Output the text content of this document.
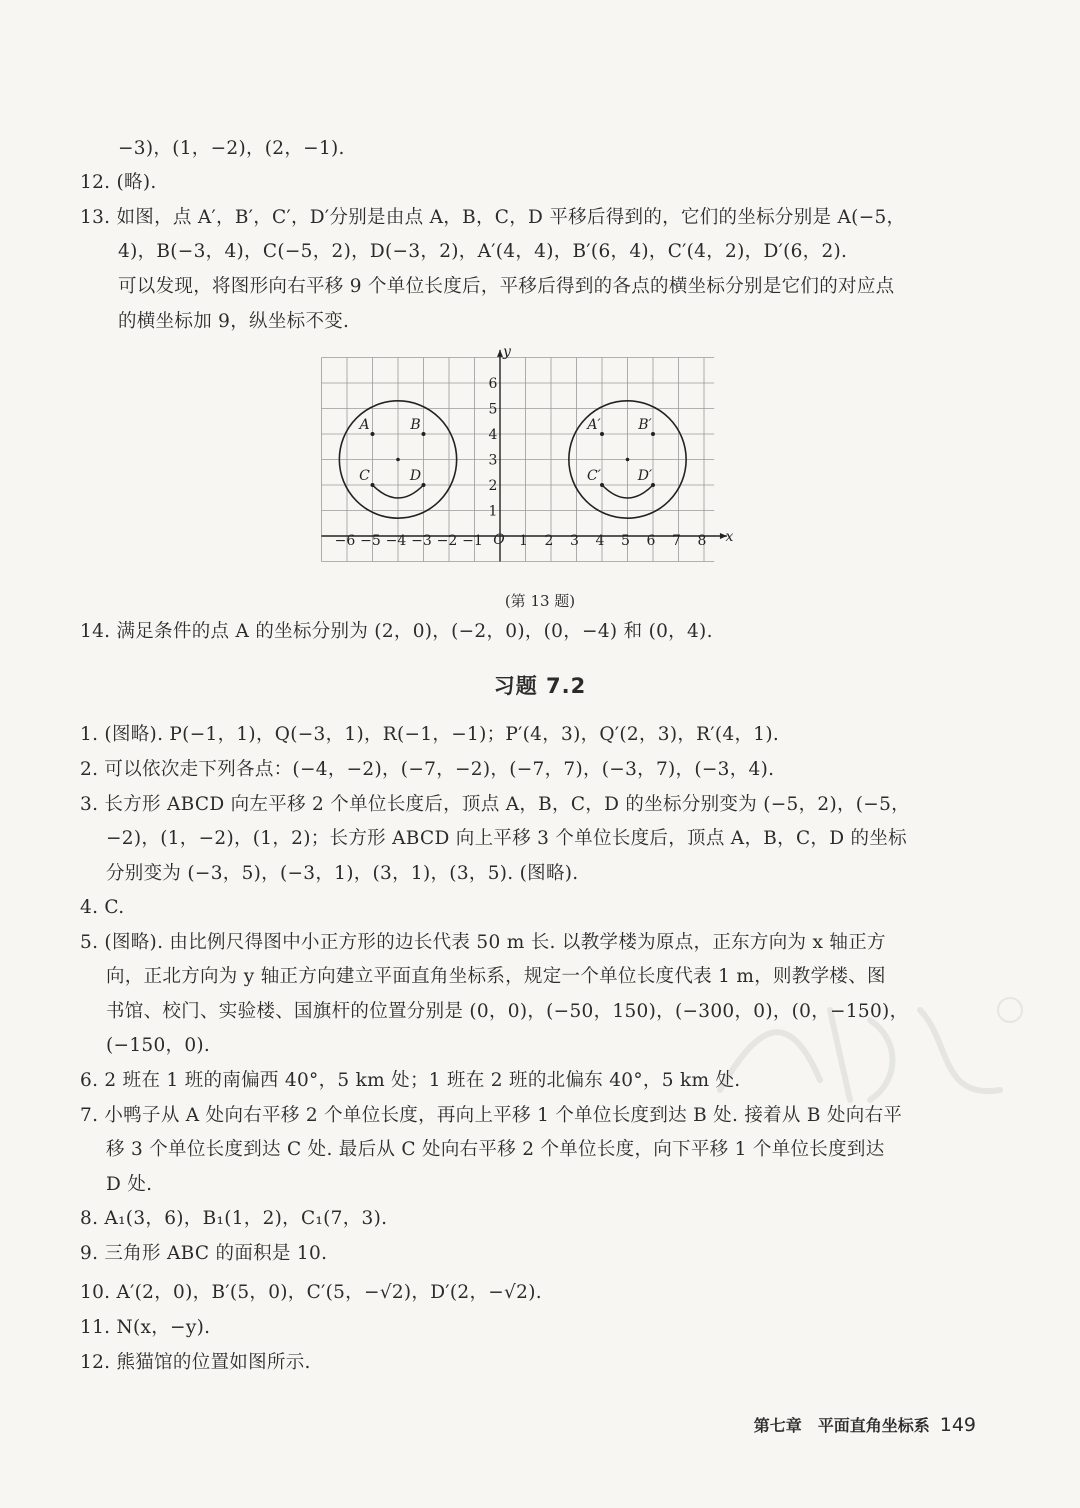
−3)，(1，−2)，(2，−1).
12. (略).
13. 如图，点 A′，B′，C′，D′分别是由点 A，B，C，D 平移后得到的，它们的坐标分别是 A(−5，
4)，B(−3，4)，C(−5，2)，D(−3，2)，A′(4，4)，B′(6，4)，C′(4，2)，D′(6，2).
可以发现，将图形向右平移 9 个单位长度后，平移后得到的各点的横坐标分别是它们的对应点
的横坐标加 9，纵坐标不变.
x
y
O
−6 −5 −4 −3 −2 −1	1 2 3 4 5 6 7 8
1
2
3
4
5
6
A	B
C	D
A′	B′
C′	D′
(第 13 题)
14. 满足条件的点 A 的坐标分别为 (2，0)，(−2，0)，(0，−4) 和 (0，4).
习题 7.2
1. (图略). P(−1，1)，Q(−3，1)，R(−1，−1)；P′(4，3)，Q′(2，3)，R′(4，1).
2. 可以依次走下列各点：(−4，−2)，(−7，−2)，(−7，7)，(−3，7)，(−3，4).
3. 长方形 ABCD 向左平移 2 个单位长度后，顶点 A，B，C，D 的坐标分别变为 (−5，2)，(−5，
−2)，(1，−2)，(1，2)；长方形 ABCD 向上平移 3 个单位长度后，顶点 A，B，C，D 的坐标
分别变为 (−3，5)，(−3，1)，(3，1)，(3，5). (图略).
4. C.
5. (图略). 由比例尺得图中小正方形的边长代表 50 m 长. 以教学楼为原点，正东方向为 x 轴正方
向，正北方向为 y 轴正方向建立平面直角坐标系，规定一个单位长度代表 1 m，则教学楼、图
书馆、校门、实验楼、国旗杆的位置分别是 (0，0)，(−50，150)，(−300，0)，(0，−150)，
(−150，0).
6. 2 班在 1 班的南偏西 40°，5 km 处；1 班在 2 班的北偏东 40°，5 km 处.
7. 小鸭子从 A 处向右平移 2 个单位长度，再向上平移 1 个单位长度到达 B 处. 接着从 B 处向右平
移 3 个单位长度到达 C 处. 最后从 C 处向右平移 2 个单位长度，向下平移 1 个单位长度到达
D 处.
8. A₁(3，6)，B₁(1，2)，C₁(7，3).
9. 三角形 ABC 的面积是 10.
10. A′(2，0)，B′(5，0)，C′(5，−√2)，D′(2，−√2).
11. N(x，−y).
12. 熊猫馆的位置如图所示.
第七章　平面直角坐标系 149
